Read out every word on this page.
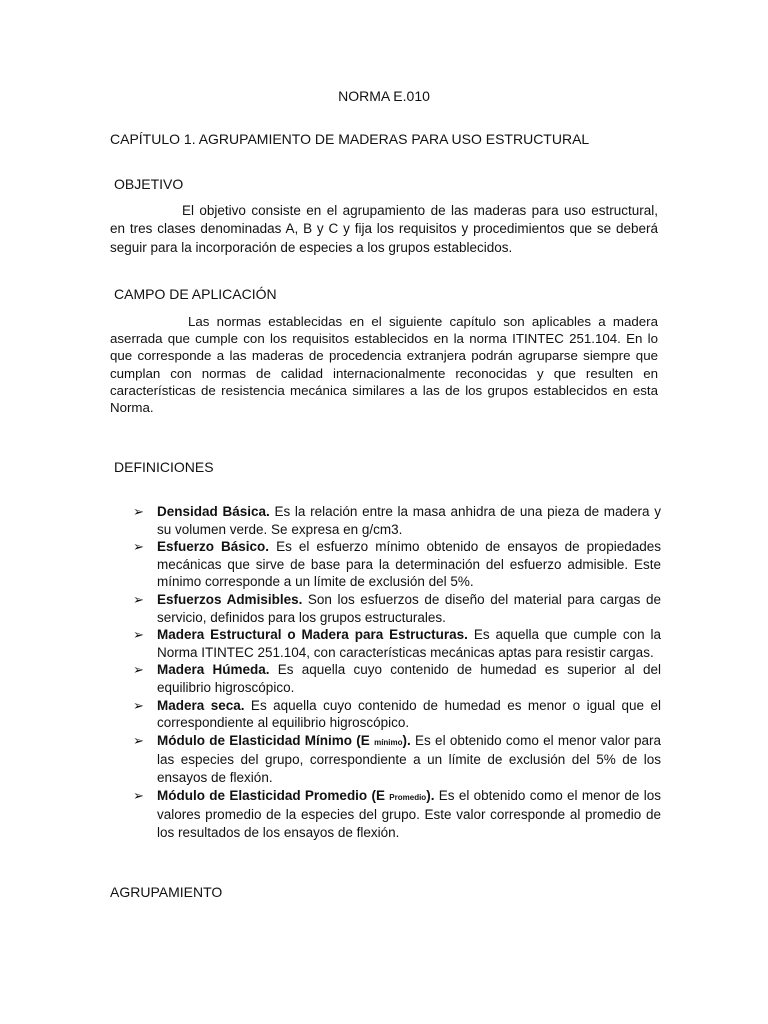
NORMA E.010
CAPÍTULO 1. AGRUPAMIENTO DE MADERAS PARA USO ESTRUCTURAL
OBJETIVO
El objetivo consiste en el agrupamiento de las maderas para uso estructural, en tres clases denominadas A, B y C y fija los requisitos y procedimientos que se deberá seguir para la incorporación de especies a los grupos establecidos.
CAMPO DE APLICACIÓN
Las normas establecidas en el siguiente capítulo son aplicables a madera aserrada que cumple con los requisitos establecidos en la norma ITINTEC 251.104. En lo que corresponde a las maderas de procedencia extranjera podrán agruparse siempre que cumplan con normas de calidad internacionalmente reconocidas y que resulten en características de resistencia mecánica similares a las de los grupos establecidos en esta Norma.
DEFINICIONES
➢ Densidad Básica. Es la relación entre la masa anhidra de una pieza de madera y su volumen verde. Se expresa en g/cm3.
➢ Esfuerzo Básico. Es el esfuerzo mínimo obtenido de ensayos de propiedades mecánicas que sirve de base para la determinación del esfuerzo admisible. Este mínimo corresponde a un límite de exclusión del 5%.
➢ Esfuerzos Admisibles. Son los esfuerzos de diseño del material para cargas de servicio, definidos para los grupos estructurales.
➢ Madera Estructural o Madera para Estructuras. Es aquella que cumple con la Norma ITINTEC 251.104, con características mecánicas aptas para resistir cargas.
➢ Madera Húmeda. Es aquella cuyo contenido de humedad es superior al del equilibrio higroscópico.
➢ Madera seca. Es aquella cuyo contenido de humedad es menor o igual que el correspondiente al equilibrio higroscópico.
➢ Módulo de Elasticidad Mínimo (E mínimo). Es el obtenido como el menor valor para las especies del grupo, correspondiente a un límite de exclusión del 5% de los ensayos de flexión.
➢ Módulo de Elasticidad Promedio (E Promedio). Es el obtenido como el menor de los valores promedio de la especies del grupo. Este valor corresponde al promedio de los resultados de los ensayos de flexión.
AGRUPAMIENTO
